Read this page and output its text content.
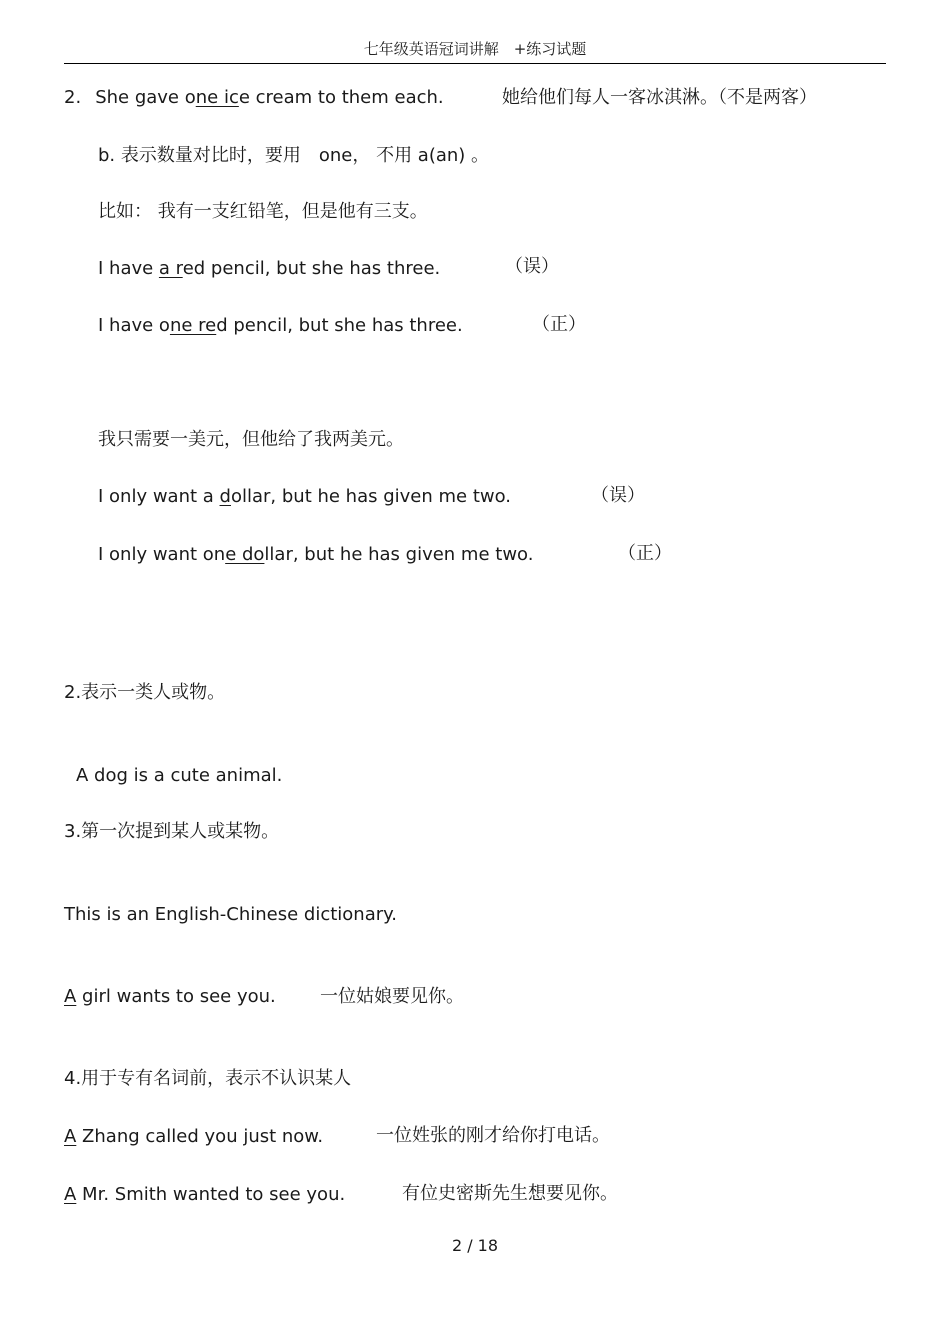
七年级英语冠词讲解　+练习试题
2. She gave one ice cream to them each.	她给他们每人一客冰淇淋。（不是两客）
b. 表示数量对比时，要用　one， 不用 a(an) 。
比如： 我有一支红铅笔，但是他有三支。
I have a red pencil, but she has three.	（误）
I have one red pencil, but she has three.	（正）
我只需要一美元，但他给了我两美元。
I only want a dollar, but he has given me two.	（误）
I only want one dollar, but he has given me two.	（正）
2.表示一类人或物。
A dog is a cute animal.
3.第一次提到某人或某物。
This is an English-Chinese dictionary.
A girl wants to see you. 一位姑娘要见你。
4.用于专有名词前，表示不认识某人
A Zhang called you just now.	一位姓张的刚才给你打电话。
A Mr. Smith wanted to see you.	有位史密斯先生想要见你。
2 / 18
